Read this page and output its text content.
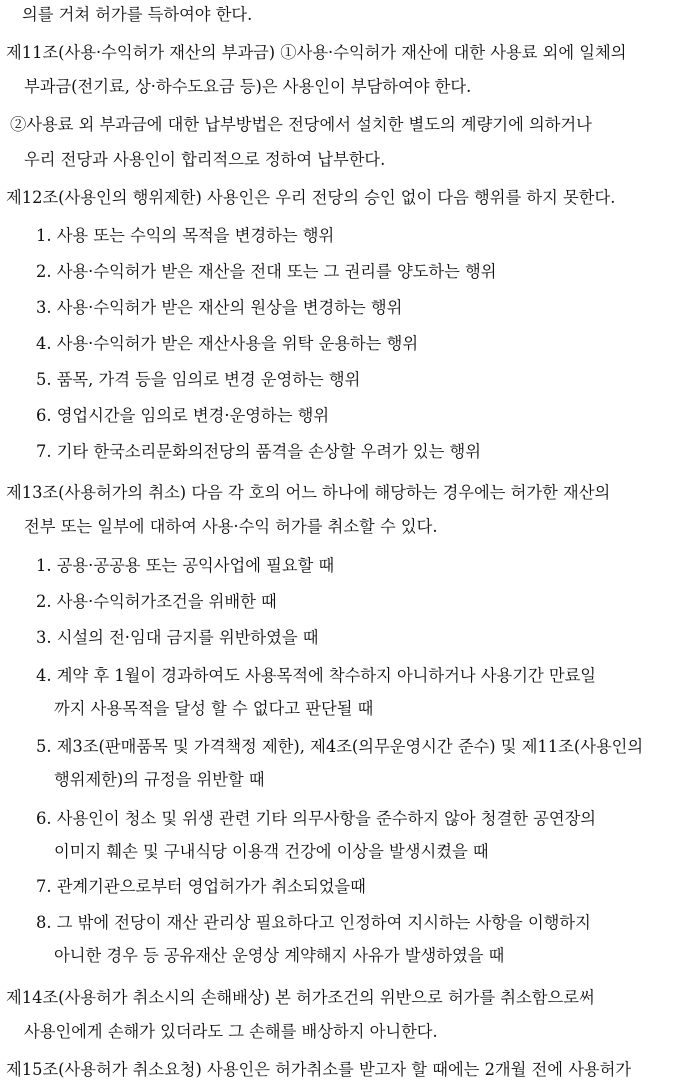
의를 거쳐 허가를 득하여야 한다.
제11조(사용·수익허가 재산의 부과금) ①사용·수익허가 재산에 대한 사용료 외에 일체의
부과금(전기료, 상·하수도요금 등)은 사용인이 부담하여야 한다.
②사용료 외 부과금에 대한 납부방법은 전당에서 설치한 별도의 계량기에 의하거나
우리 전당과 사용인이 합리적으로 정하여 납부한다.
제12조(사용인의 행위제한) 사용인은 우리 전당의 승인 없이 다음 행위를 하지 못한다.
1. 사용 또는 수익의 목적을 변경하는 행위
2. 사용·수익허가 받은 재산을 전대 또는 그 권리를 양도하는 행위
3. 사용·수익허가 받은 재산의 원상을 변경하는 행위
4. 사용·수익허가 받은 재산사용을 위탁 운용하는 행위
5. 품목, 가격 등을 임의로 변경 운영하는 행위
6. 영업시간을 임의로 변경·운영하는 행위
7. 기타 한국소리문화의전당의 품격을 손상할 우려가 있는 행위
제13조(사용허가의 취소) 다음 각 호의 어느 하나에 해당하는 경우에는 허가한 재산의
전부 또는 일부에 대하여 사용·수익 허가를 취소할 수 있다.
1. 공용·공공용 또는 공익사업에 필요할 때
2. 사용·수익허가조건을 위배한 때
3. 시설의 전·임대 금지를 위반하였을 때
4. 계약 후 1월이 경과하여도 사용목적에 착수하지 아니하거나 사용기간 만료일
까지 사용목적을 달성 할 수 없다고 판단될 때
5. 제3조(판매품목 및 가격책정 제한), 제4조(의무운영시간 준수) 및 제11조(사용인의
행위제한)의 규정을 위반할 때
6. 사용인이 청소 및 위생 관련 기타 의무사항을 준수하지 않아 청결한 공연장의
이미지 훼손 및 구내식당 이용객 건강에 이상을 발생시켰을 때
7. 관계기관으로부터 영업허가가 취소되었을때
8. 그 밖에 전당이 재산 관리상 필요하다고 인정하여 지시하는 사항을 이행하지
아니한 경우 등 공유재산 운영상 계약해지 사유가 발생하였을 때
제14조(사용허가 취소시의 손해배상) 본 허가조건의 위반으로 허가를 취소함으로써
사용인에게 손해가 있더라도 그 손해를 배상하지 아니한다.
제15조(사용허가 취소요청) 사용인은 허가취소를 받고자 할 때에는 2개월 전에 사용허가
